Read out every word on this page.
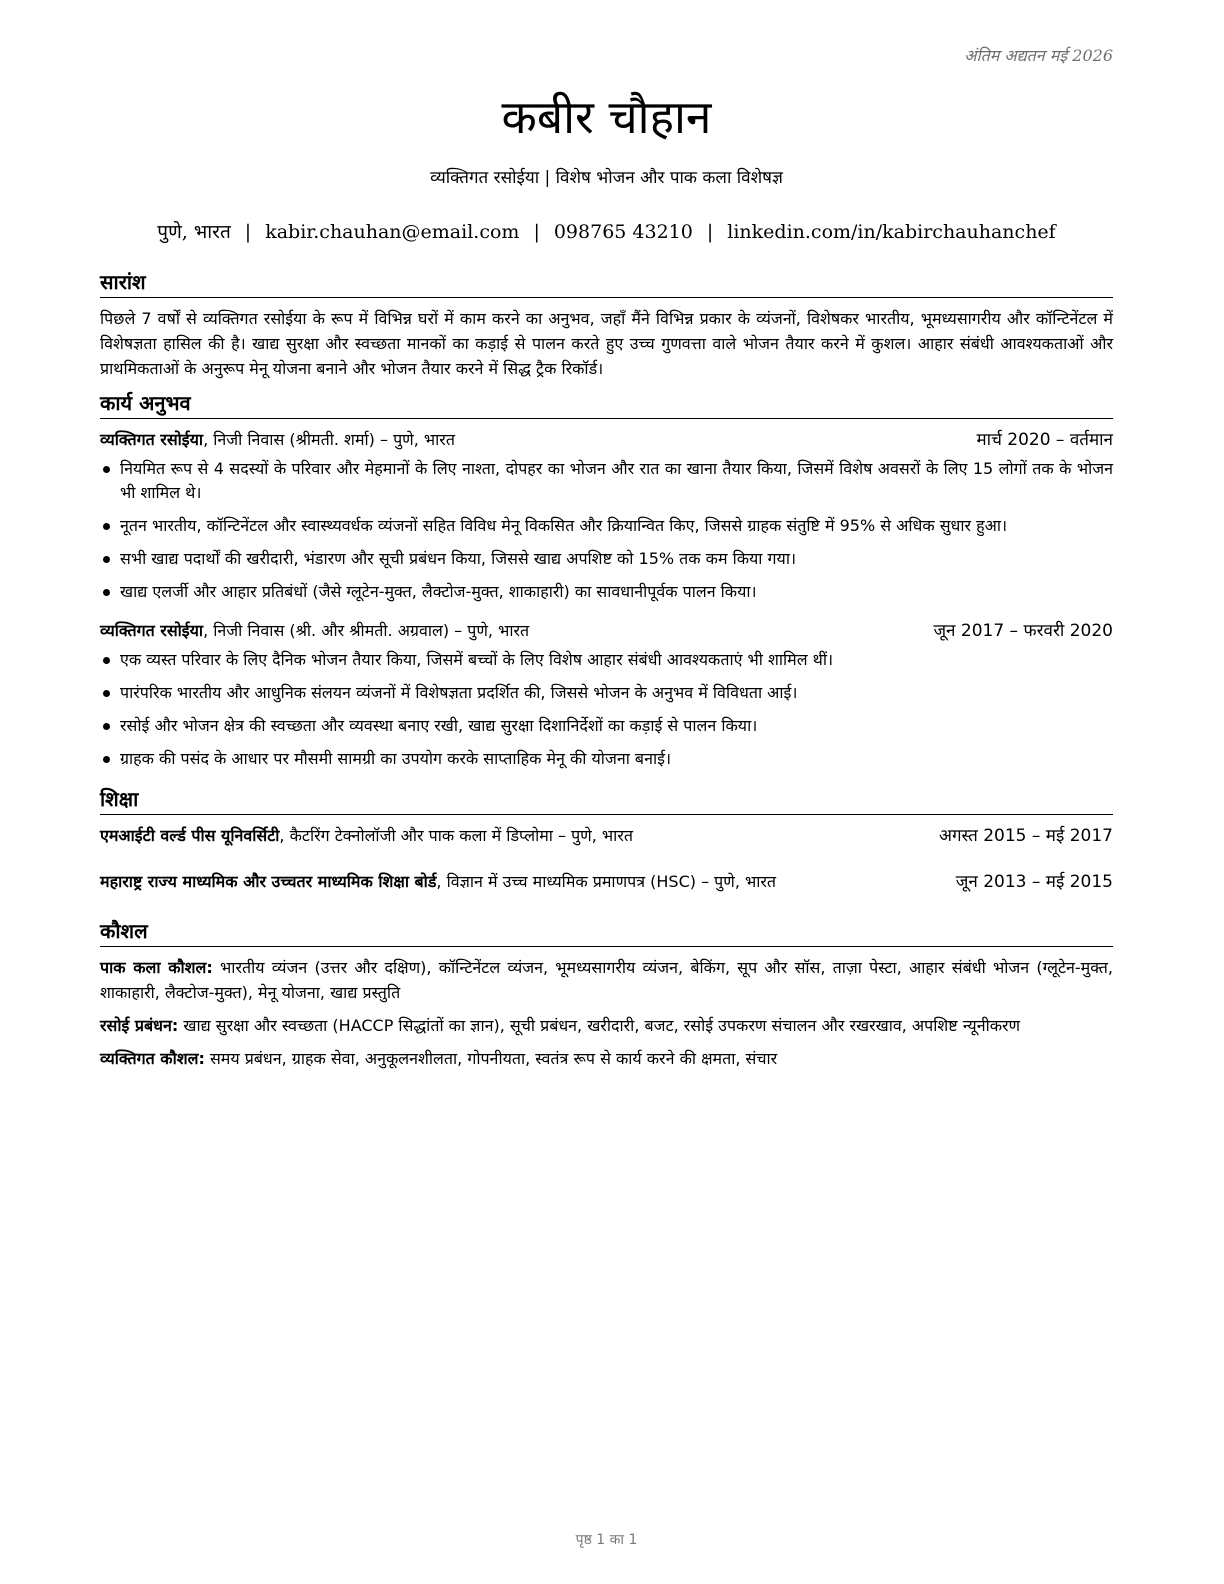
अंतिम अद्यतन मई 2026
कबीर चौहान
व्यक्तिगत रसोईया | विशेष भोजन और पाक कला विशेषज्ञ
पुणे, भारत | kabir.chauhan@email.com | 098765 43210 | linkedin.com/in/kabirchauhanchef
सारांश

पिछले 7 वर्षों से व्यक्तिगत रसोईया के रूप में विभिन्न घरों में काम करने का अनुभव, जहाँ मैंने विभिन्न प्रकार के व्यंजनों, विशेषकर भारतीय, भूमध्यसागरीय और कॉन्टिनेंटल में विशेषज्ञता हासिल की है। खाद्य सुरक्षा और स्वच्छता मानकों का कड़ाई से पालन करते हुए उच्च गुणवत्ता वाले भोजन तैयार करने में कुशल। आहार संबंधी आवश्यकताओं और प्राथमिकताओं के अनुरूप मेनू योजना बनाने और भोजन तैयार करने में सिद्ध ट्रैक रिकॉर्ड।

कार्य अनुभव
व्यक्तिगत रसोईया, निजी निवास (श्रीमती. शर्मा) – पुणे, भारत	मार्च 2020 – वर्तमान
नियमित रूप से 4 सदस्यों के परिवार और मेहमानों के लिए नाश्ता, दोपहर का भोजन और रात का खाना तैयार किया, जिसमें विशेष अवसरों के लिए 15 लोगों तक के भोजन भी शामिल थे।
नूतन भारतीय, कॉन्टिनेंटल और स्वास्थ्यवर्धक व्यंजनों सहित विविध मेनू विकसित और क्रियान्वित किए, जिससे ग्राहक संतुष्टि में 95% से अधिक सुधार हुआ।
सभी खाद्य पदार्थों की खरीदारी, भंडारण और सूची प्रबंधन किया, जिससे खाद्य अपशिष्ट को 15% तक कम किया गया।
खाद्य एलर्जी और आहार प्रतिबंधों (जैसे ग्लूटेन-मुक्त, लैक्टोज-मुक्त, शाकाहारी) का सावधानीपूर्वक पालन किया।
व्यक्तिगत रसोईया, निजी निवास (श्री. और श्रीमती. अग्रवाल) – पुणे, भारत	जून 2017 – फरवरी 2020
एक व्यस्त परिवार के लिए दैनिक भोजन तैयार किया, जिसमें बच्चों के लिए विशेष आहार संबंधी आवश्यकताएं भी शामिल थीं।
पारंपरिक भारतीय और आधुनिक संलयन व्यंजनों में विशेषज्ञता प्रदर्शित की, जिससे भोजन के अनुभव में विविधता आई।
रसोई और भोजन क्षेत्र की स्वच्छता और व्यवस्था बनाए रखी, खाद्य सुरक्षा दिशानिर्देशों का कड़ाई से पालन किया।
ग्राहक की पसंद के आधार पर मौसमी सामग्री का उपयोग करके साप्ताहिक मेनू की योजना बनाई।
शिक्षा
एमआईटी वर्ल्ड पीस यूनिवर्सिटी, कैटरिंग टेक्नोलॉजी और पाक कला में डिप्लोमा – पुणे, भारत	अगस्त 2015 – मई 2017
महाराष्ट्र राज्य माध्यमिक और उच्चतर माध्यमिक शिक्षा बोर्ड, विज्ञान में उच्च माध्यमिक प्रमाणपत्र (HSC) – पुणे, भारत	जून 2013 – मई 2015
कौशल

पाक कला कौशल: भारतीय व्यंजन (उत्तर और दक्षिण), कॉन्टिनेंटल व्यंजन, भूमध्यसागरीय व्यंजन, बेकिंग, सूप और सॉस, ताज़ा पेस्टा, आहार संबंधी भोजन (ग्लूटेन-मुक्त, शाकाहारी, लैक्टोज-मुक्त), मेनू योजना, खाद्य प्रस्तुति

रसोई प्रबंधन: खाद्य सुरक्षा और स्वच्छता (HACCP सिद्धांतों का ज्ञान), सूची प्रबंधन, खरीदारी, बजट, रसोई उपकरण संचालन और रखरखाव, अपशिष्ट न्यूनीकरण

व्यक्तिगत कौशल: समय प्रबंधन, ग्राहक सेवा, अनुकूलनशीलता, गोपनीयता, स्वतंत्र रूप से कार्य करने की क्षमता, संचार

पृष्ठ 1 का 1
